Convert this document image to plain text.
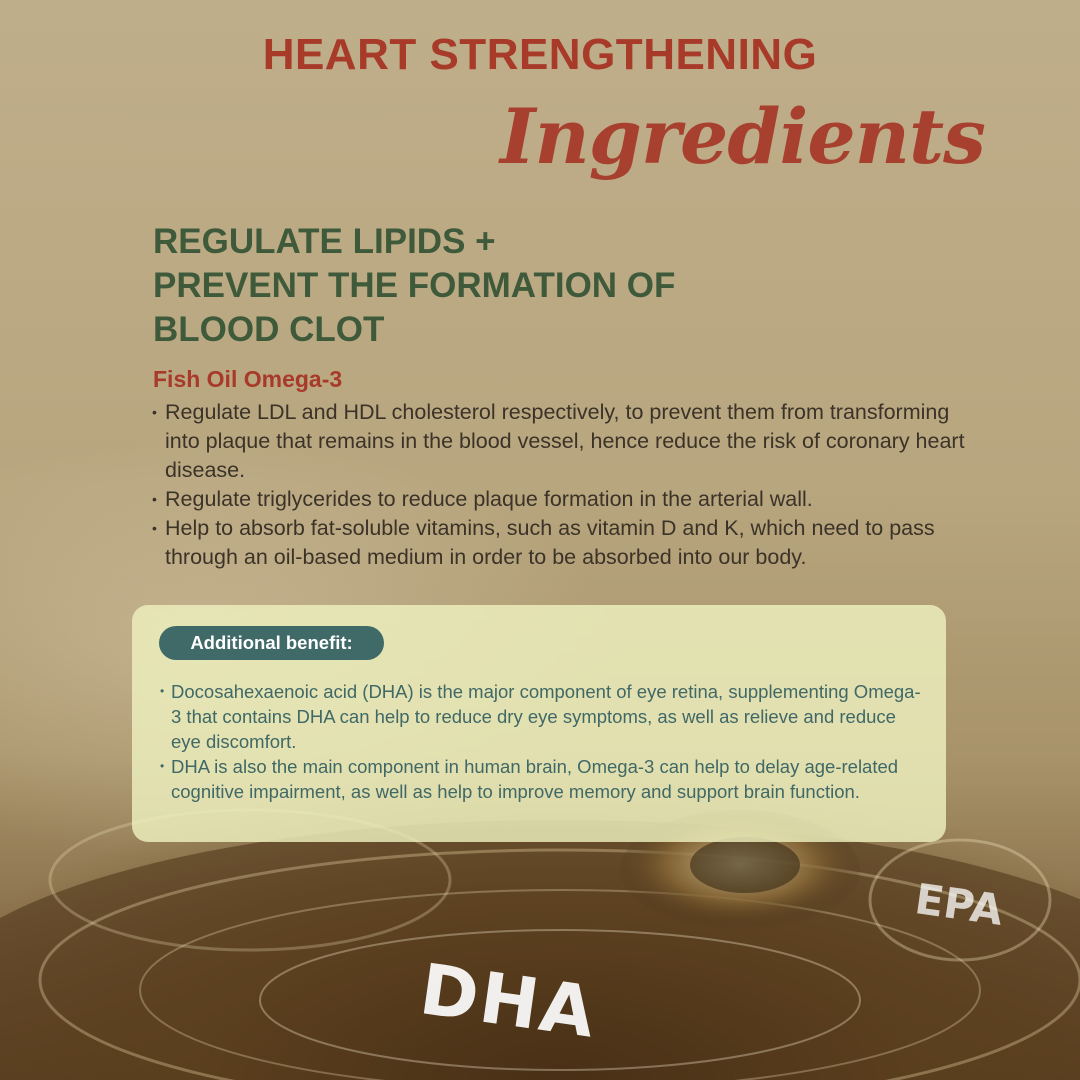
HEART STRENGTHENING
Ingredients
REGULATE LIPIDS +
PREVENT THE FORMATION OF
BLOOD CLOT
Fish Oil Omega-3
• Regulate LDL and HDL cholesterol respectively, to prevent them from transforming into plaque that remains in the blood vessel, hence reduce the risk of coronary heart disease.
• Regulate triglycerides to reduce plaque formation in the arterial wall.
• Help to absorb fat-soluble vitamins, such as vitamin D and K, which need to pass through an oil-based medium in order to be absorbed into our body.
Additional benefit:
• Docosahexaenoic acid (DHA) is the major component of eye retina, supplementing Omega-3 that contains DHA can help to reduce dry eye symptoms, as well as relieve and reduce eye discomfort.
• DHA is also the main component in human brain, Omega-3 can help to delay age-related cognitive impairment, as well as help to improve memory and support brain function.
EPA
DHA
